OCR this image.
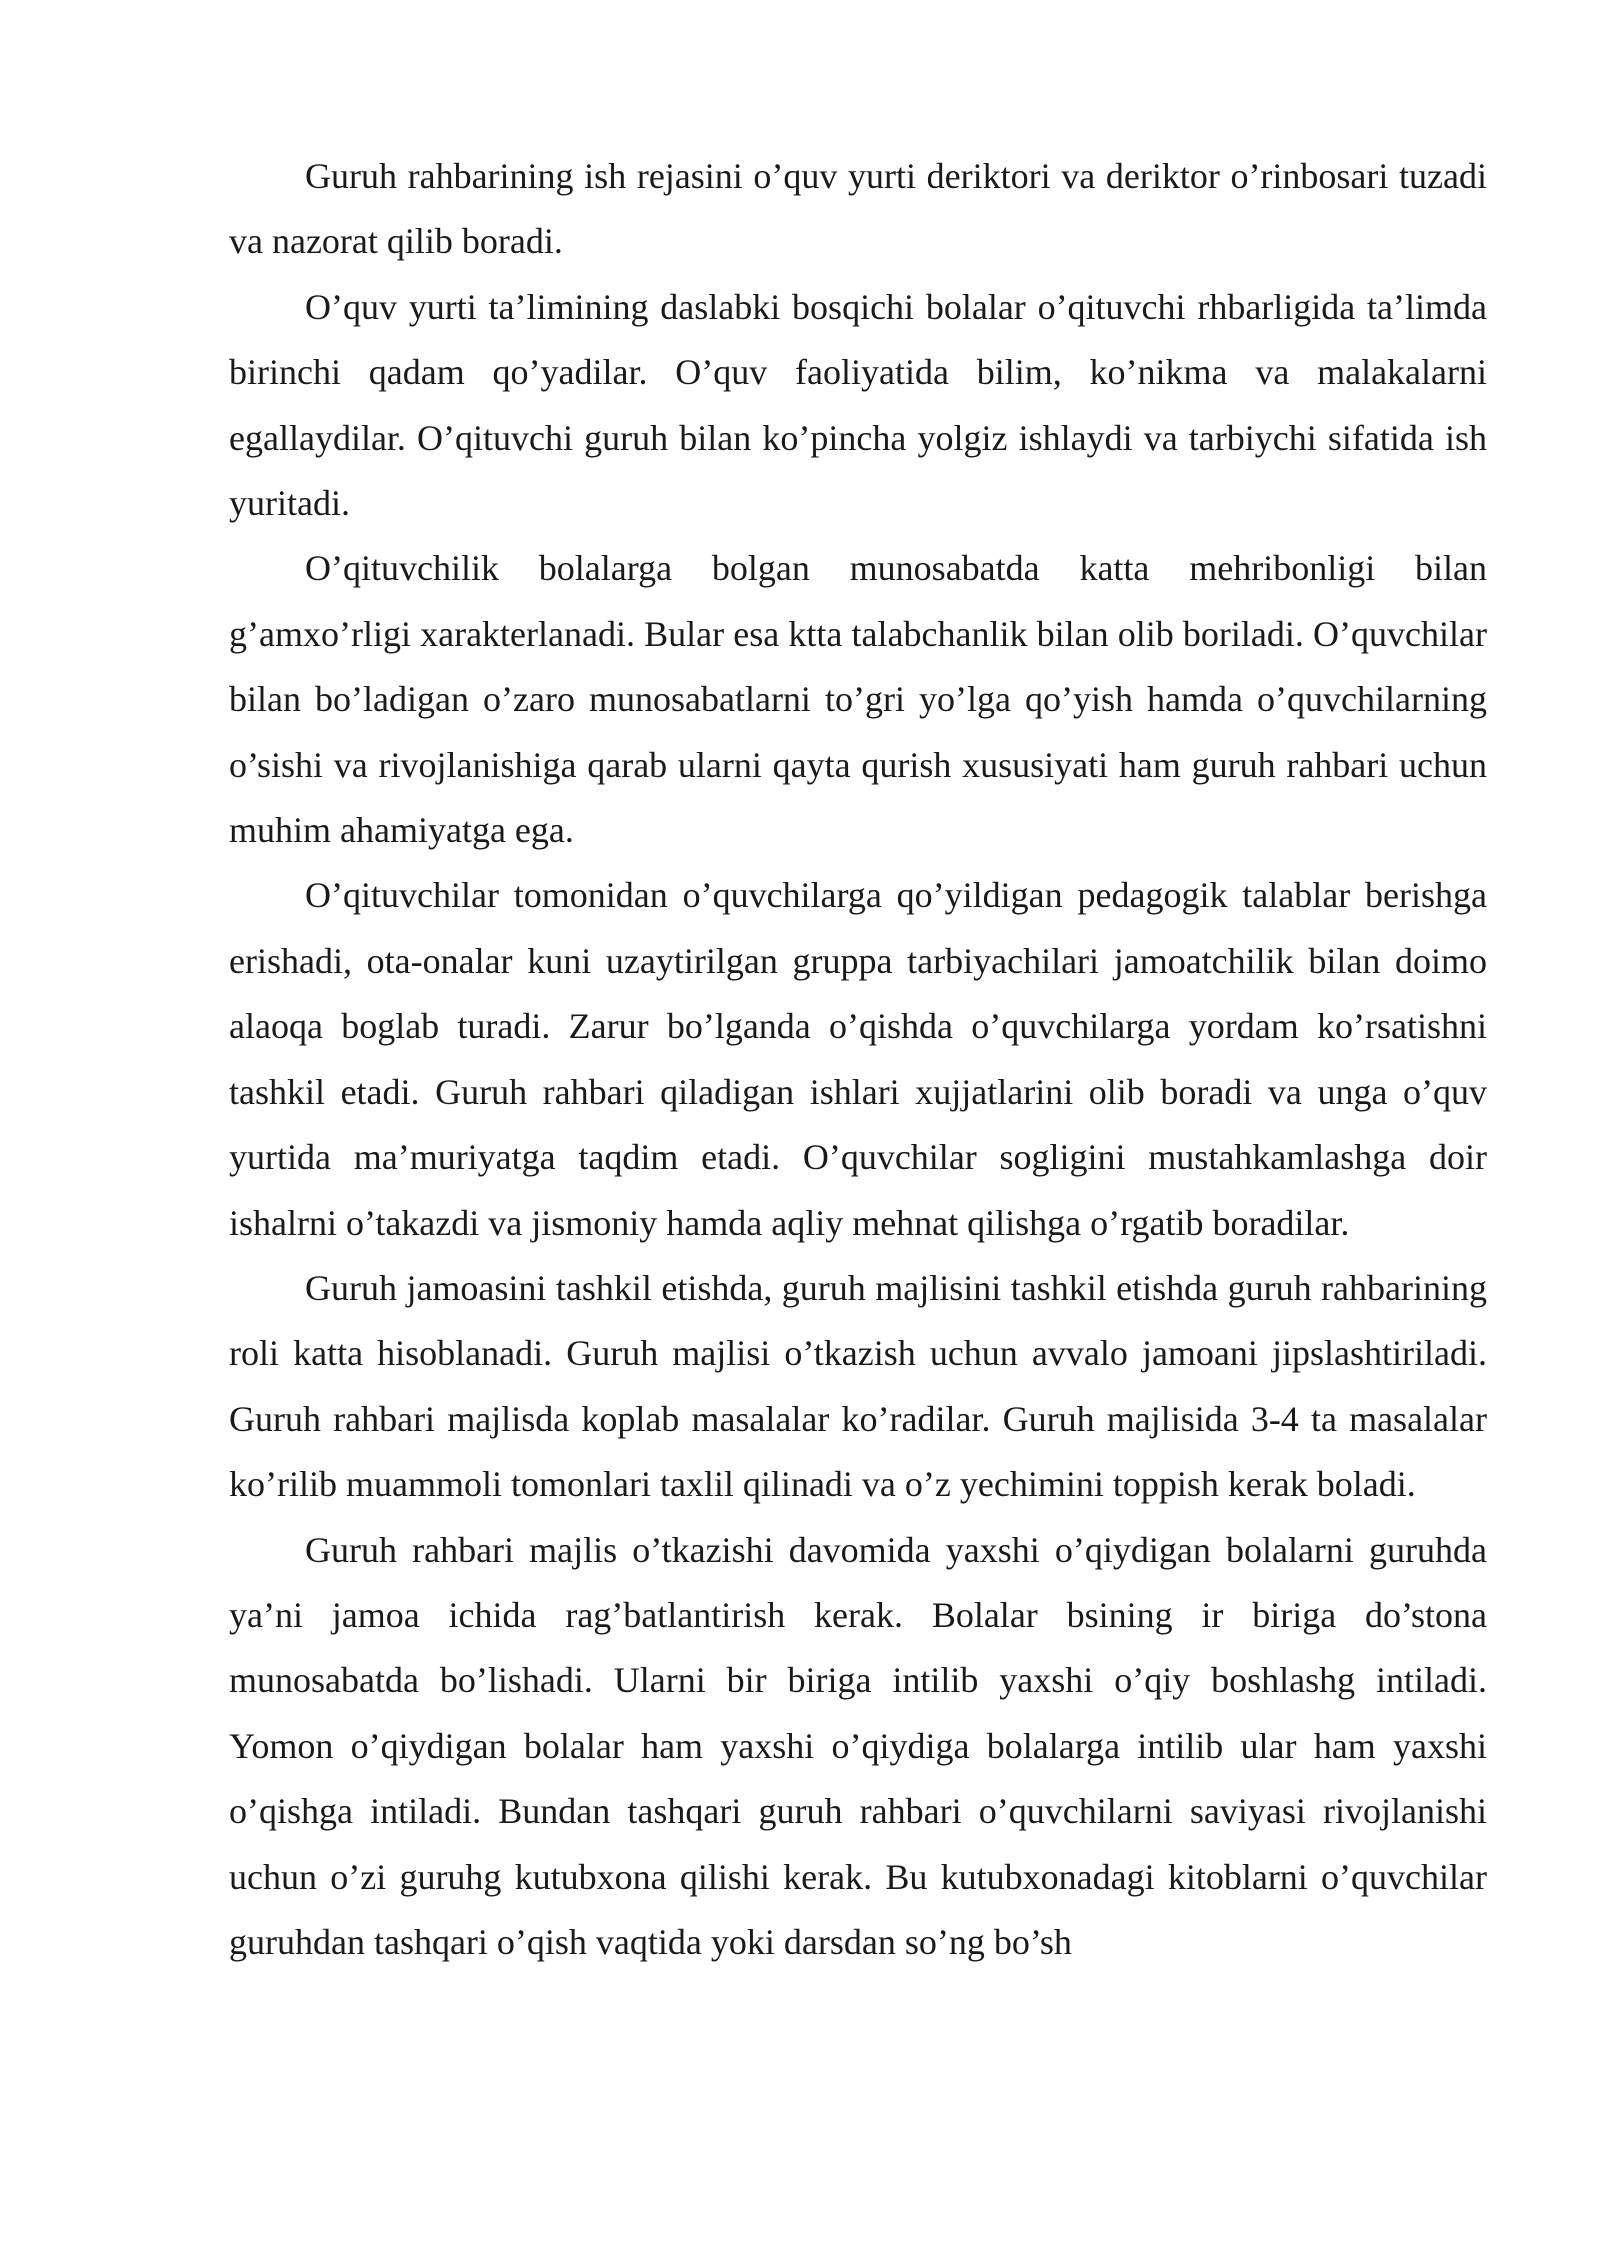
Guruh rahbarining ish rejasini o’quv yurti deriktori va deriktor o’rinbosari tuzadi va nazorat qilib boradi.

O’quv yurti ta’limining daslabki bosqichi bolalar o’qituvchi rhbarligida ta’limda birinchi qadam qo’yadilar. O’quv faoliyatida bilim, ko’nikma va malakalarni egallaydilar. O’qituvchi guruh bilan ko’pincha yolgiz ishlaydi va tarbiychi sifatida ish yuritadi.

O’qituvchilik bolalarga bolgan munosabatda katta mehribonligi bilan g’amxo’rligi xarakterlanadi. Bular esa ktta talabchanlik bilan olib boriladi. O’quvchilar bilan bo’ladigan o’zaro munosabatlarni to’gri yo’lga qo’yish hamda o’quvchilarning o’sishi va rivojlanishiga qarab ularni qayta qurish xususiyati ham guruh rahbari uchun muhim ahamiyatga ega.

O’qituvchilar tomonidan o’quvchilarga qo’yildigan pedagogik talablar berishga erishadi, ota-onalar kuni uzaytirilgan gruppa tarbiyachilari jamoatchilik bilan doimo alaoqa boglab turadi. Zarur bo’lganda o’qishda o’quvchilarga yordam ko’rsatishni tashkil etadi. Guruh rahbari qiladigan ishlari xujjatlarini olib boradi va unga o’quv yurtida ma’muriyatga taqdim etadi. O’quvchilar sogligini mustahkamlashga doir ishalrni o’takazdi va jismoniy hamda aqliy mehnat qilishga o’rgatib boradilar.

Guruh jamoasini tashkil etishda, guruh majlisini tashkil etishda guruh rahbarining roli katta hisoblanadi. Guruh majlisi o’tkazish uchun avvalo jamoani jipslashtiriladi. Guruh rahbari majlisda koplab masalalar ko’radilar. Guruh majlisida 3-4 ta masalalar ko’rilib muammoli tomonlari taxlil qilinadi va o’z yechimini toppish kerak boladi.

Guruh rahbari majlis o’tkazishi davomida yaxshi o’qiydigan bolalarni guruhda ya’ni jamoa ichida rag’batlantirish kerak. Bolalar bsining ir biriga do’stona munosabatda bo’lishadi. Ularni bir biriga intilib yaxshi o’qiy boshlashg intiladi. Yomon o’qiydigan bolalar ham yaxshi o’qiydiga bolalarga intilib ular ham yaxshi o’qishga intiladi. Bundan tashqari guruh rahbari o’quvchilarni saviyasi rivojlanishi uchun o’zi guruhg kutubxona qilishi kerak. Bu kutubxonadagi kitoblarni o’quvchilar guruhdan tashqari o’qish vaqtida yoki darsdan so’ng bo’sh
